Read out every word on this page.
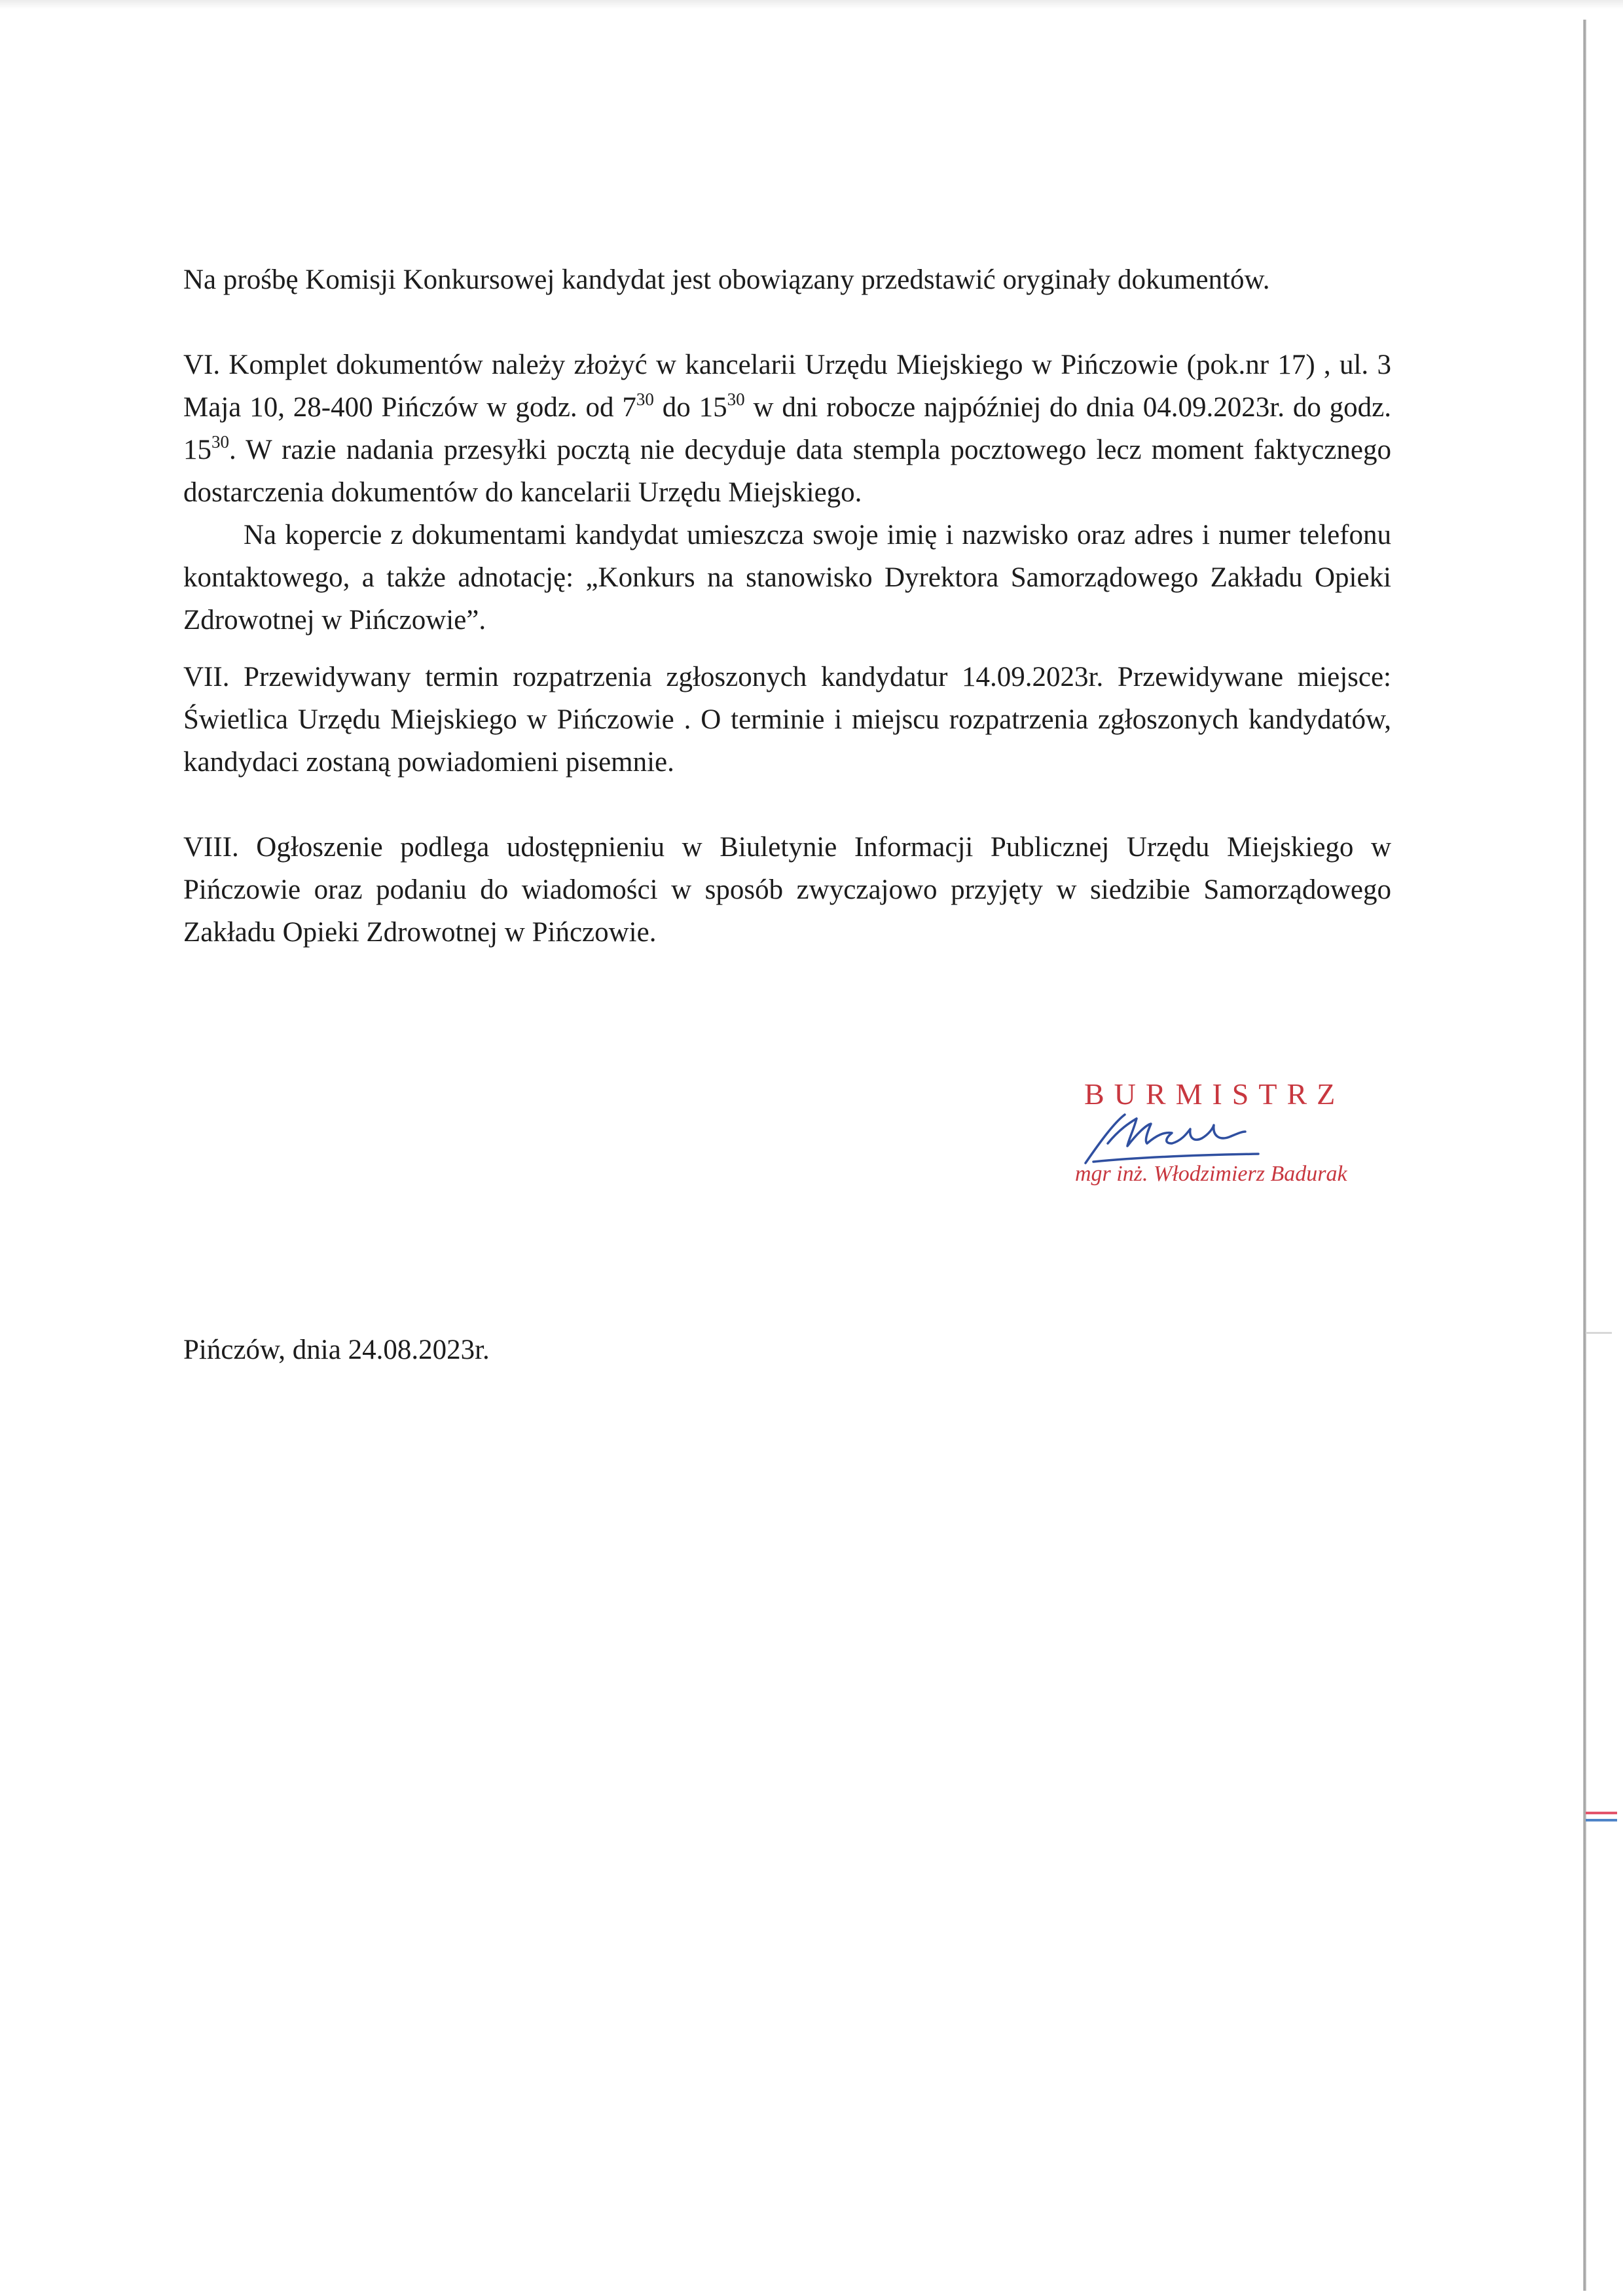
Na prośbę Komisji Konkursowej kandydat jest obowiązany przedstawić oryginały dokumentów.

VI. Komplet dokumentów należy złożyć w kancelarii Urzędu Miejskiego w Pińczowie (pok.nr 17) , ul. 3 Maja 10, 28-400 Pińczów w godz. od $7^{30}$ do $15^{30}$ w dni robocze najpóźniej do dnia 04.09.2023r. do godz. $15^{30}$. W razie nadania przesyłki pocztą nie decyduje data stempla pocztowego lecz moment faktycznego dostarczenia dokumentów do kancelarii Urzędu Miejskiego.

Na kopercie z dokumentami kandydat umieszcza swoje imię i nazwisko oraz adres i numer telefonu kontaktowego, a także adnotację: „Konkurs na stanowisko Dyrektora Samorządowego Zakładu Opieki Zdrowotnej w Pińczowie”.

VII. Przewidywany termin rozpatrzenia zgłoszonych kandydatur 14.09.2023r. Przewidywane miejsce: Świetlica Urzędu Miejskiego w Pińczowie . O terminie i miejscu rozpatrzenia zgłoszonych kandydatów, kandydaci zostaną powiadomieni pisemnie.

VIII. Ogłoszenie podlega udostępnieniu w Biuletynie Informacji Publicznej Urzędu Miejskiego w Pińczowie oraz podaniu do wiadomości w sposób zwyczajowo przyjęty w siedzibie Samorządowego Zakładu Opieki Zdrowotnej w Pińczowie.

BURMISTRZ
mgr inż. Włodzimierz Badurak
Pińczów, dnia 24.08.2023r.
